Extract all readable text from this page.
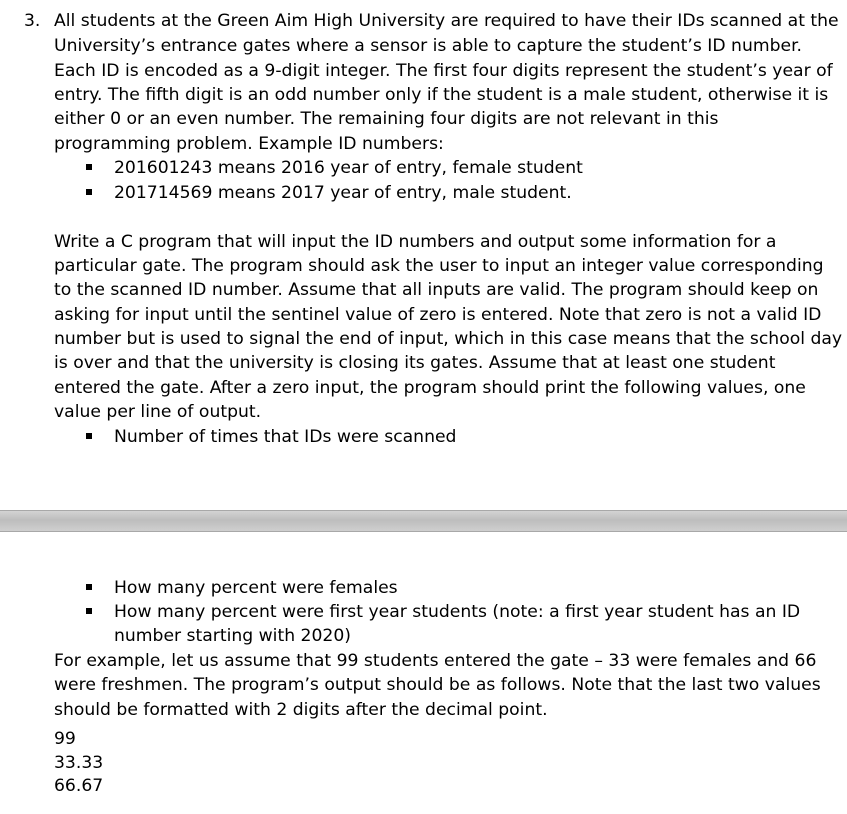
3. All students at the Green Aim High University are required to have their IDs scanned at the
University’s entrance gates where a sensor is able to capture the student’s ID number.
Each ID is encoded as a 9-digit integer. The first four digits represent the student’s year of
entry. The fifth digit is an odd number only if the student is a male student, otherwise it is
either 0 or an even number. The remaining four digits are not relevant in this
programming problem. Example ID numbers:
201601243 means 2016 year of entry, female student
201714569 means 2017 year of entry, male student.
Write a C program that will input the ID numbers and output some information for a
particular gate. The program should ask the user to input an integer value corresponding
to the scanned ID number. Assume that all inputs are valid. The program should keep on
asking for input until the sentinel value of zero is entered. Note that zero is not a valid ID
number but is used to signal the end of input, which in this case means that the school day
is over and that the university is closing its gates. Assume that at least one student
entered the gate. After a zero input, the program should print the following values, one
value per line of output.
Number of times that IDs were scanned
How many percent were females
How many percent were first year students (note: a first year student has an ID
number starting with 2020)
For example, let us assume that 99 students entered the gate – 33 were females and 66
were freshmen. The program’s output should be as follows. Note that the last two values
should be formatted with 2 digits after the decimal point.
99
33.33
66.67
